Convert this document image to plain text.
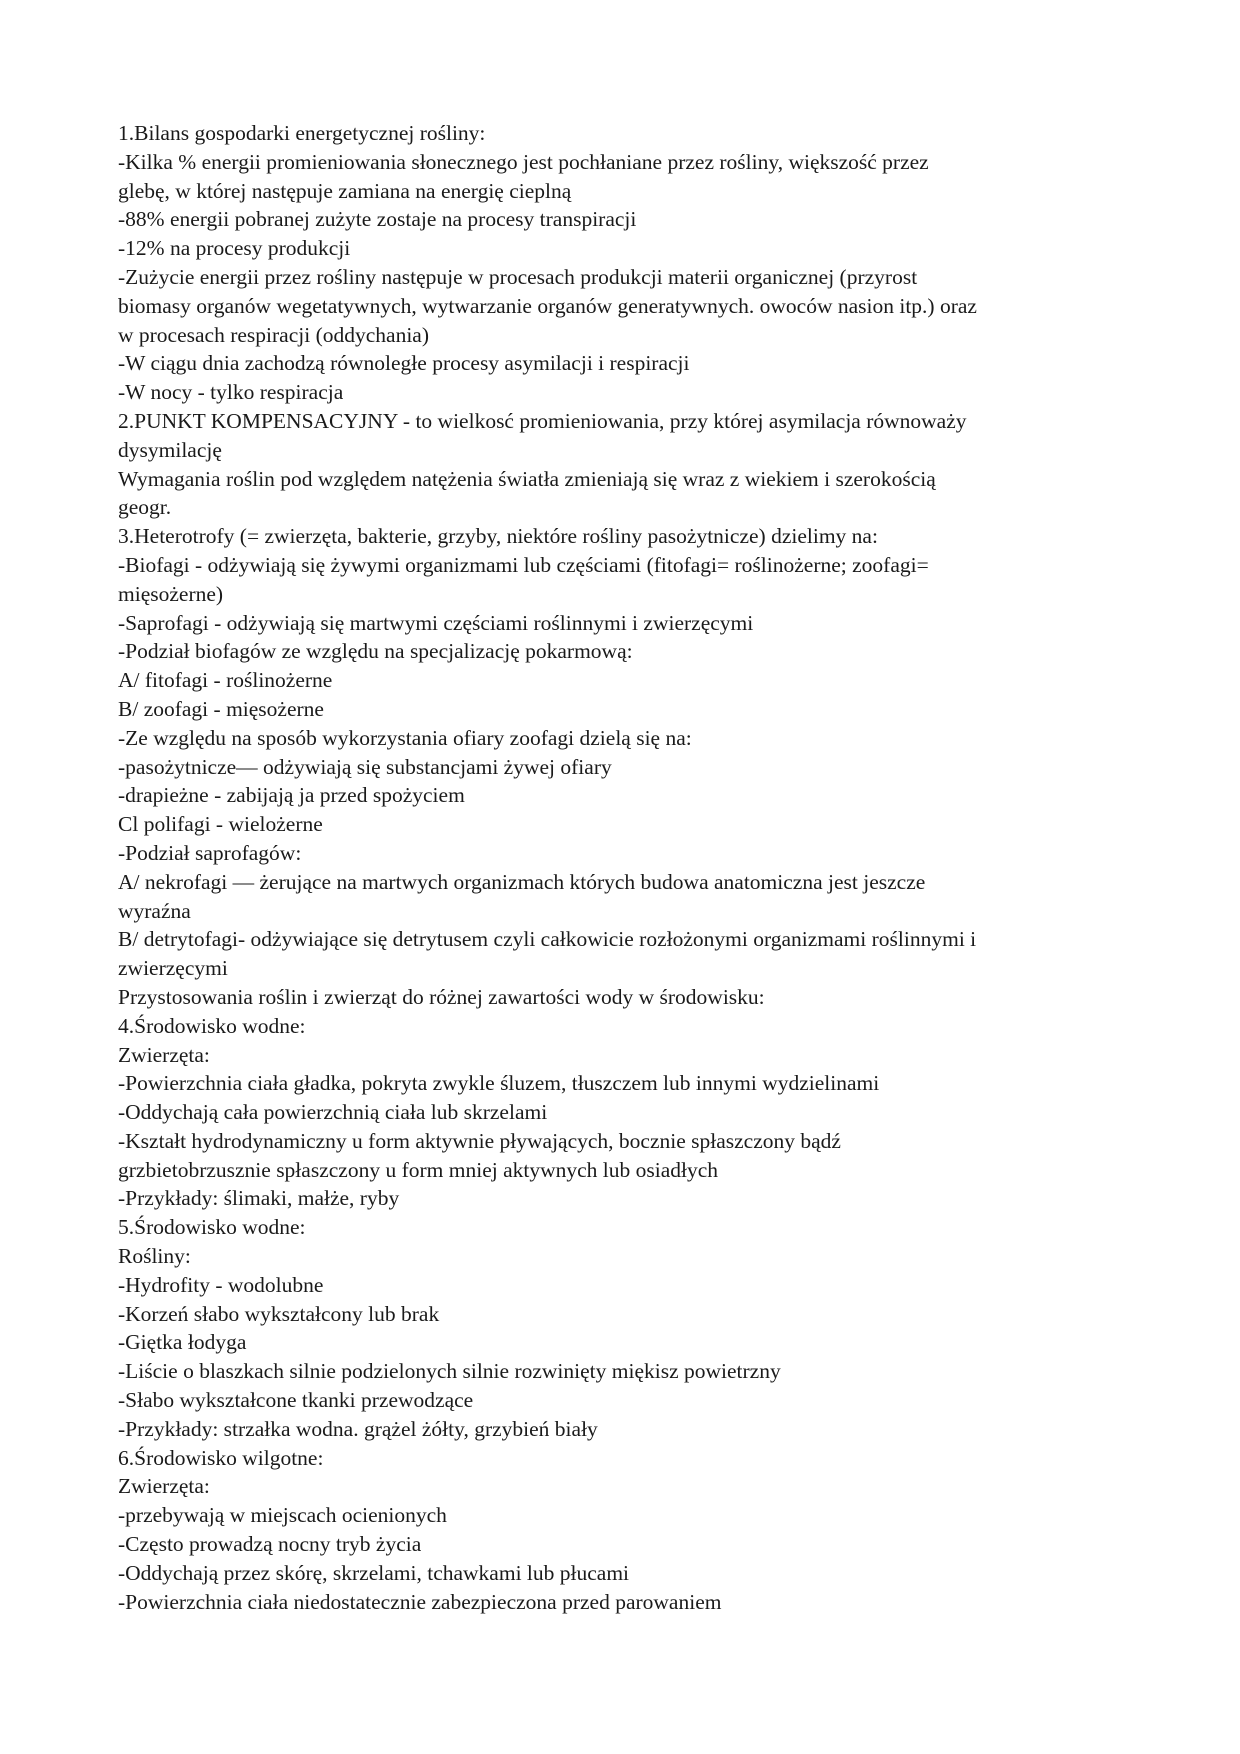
1.Bilans gospodarki energetycznej rośliny:

-Kilka % energii promieniowania słonecznego jest pochłaniane przez rośliny, większość przez

glebę, w której następuje zamiana na energię cieplną

-88% energii pobranej zużyte zostaje na procesy transpiracji

-12% na procesy produkcji

-Zużycie energii przez rośliny następuje w procesach produkcji materii organicznej (przyrost

biomasy organów wegetatywnych, wytwarzanie organów generatywnych. owoców nasion itp.) oraz

w procesach respiracji (oddychania)

-W ciągu dnia zachodzą równoległe procesy asymilacji i respiracji

-W nocy - tylko respiracja

2.PUNKT KOMPENSACYJNY - to wielkosć promieniowania, przy której asymilacja równoważy

dysymilację

Wymagania roślin pod względem natężenia światła zmieniają się wraz z wiekiem i szerokością

geogr.

3.Heterotrofy (= zwierzęta, bakterie, grzyby, niektóre rośliny pasożytnicze) dzielimy na:

-Biofagi - odżywiają się żywymi organizmami lub częściami (fitofagi= roślinożerne; zoofagi=

mięsożerne)

-Saprofagi - odżywiają się martwymi częściami roślinnymi i zwierzęcymi

-Podział biofagów ze względu na specjalizację pokarmową:

A/ fitofagi - roślinożerne

B/ zoofagi - mięsożerne

-Ze względu na sposób wykorzystania ofiary zoofagi dzielą się na:

-pasożytnicze— odżywiają się substancjami żywej ofiary

-drapieżne - zabijają ja przed spożyciem

Cl polifagi - wielożerne

-Podział saprofagów:

A/ nekrofagi — żerujące na martwych organizmach których budowa anatomiczna jest jeszcze

wyraźna

B/ detrytofagi- odżywiające się detrytusem czyli całkowicie rozłożonymi organizmami roślinnymi i

zwierzęcymi

Przystosowania roślin i zwierząt do różnej zawartości wody w środowisku:

4.Środowisko wodne:

Zwierzęta:

-Powierzchnia ciała gładka, pokryta zwykle śluzem, tłuszczem lub innymi wydzielinami

-Oddychają cała powierzchnią ciała lub skrzelami

-Kształt hydrodynamiczny u form aktywnie pływających, bocznie spłaszczony bądź

grzbietobrzusznie spłaszczony u form mniej aktywnych lub osiadłych

-Przykłady: ślimaki, małże, ryby

5.Środowisko wodne:

Rośliny:

-Hydrofity - wodolubne

-Korzeń słabo wykształcony lub brak

-Giętka łodyga

-Liście o blaszkach silnie podzielonych silnie rozwinięty miękisz powietrzny

-Słabo wykształcone tkanki przewodzące

-Przykłady: strzałka wodna. grążel żółty, grzybień biały

6.Środowisko wilgotne:

Zwierzęta:

-przebywają w miejscach ocienionych

-Często prowadzą nocny tryb życia

-Oddychają przez skórę, skrzelami, tchawkami lub płucami

-Powierzchnia ciała niedostatecznie zabezpieczona przed parowaniem
